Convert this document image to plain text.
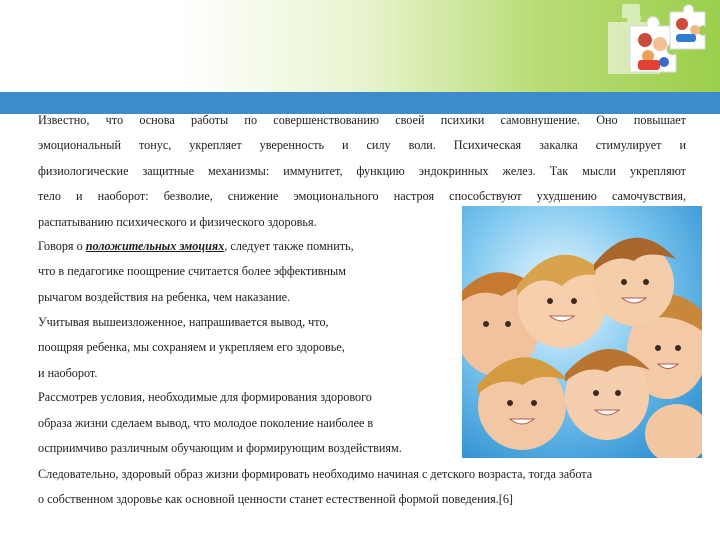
Известно, что основа работы по совершенствованию своей психики самовнушение. Оно повышает
эмоциональный тонус, укрепляет уверенность и силу воли. Психическая закалка стимулирует и
физиологические защитные механизмы: иммунитет, функцию эндокринных желез. Так мысли укрепляют
тело и наоборот: безволие, снижение эмоционального настроя способствуют ухудшению самочувствия,
распатыванию психического и физического здоровья.
Говоря о положительных эмоциях, следует также помнить,
что в педагогике поощрение считается более эффективным
рычагом воздействия на ребенка, чем наказание.
Учитывая вышеизложенное, напрашивается вывод, что,
поощряя ребенка, мы сохраняем и укрепляем его здоровье,
и наоборот.
Рассмотрев условия, необходимые для формирования здорового
образа жизни сделаем вывод, что молодое поколение наиболее в
осприимчиво различным обучающим и формирующим воздействиям.
Следовательно, здоровый образ жизни формировать необходимо начиная с детского возраста, тогда забота
о собственном здоровье как основной ценности станет естественной формой поведения.[6]
